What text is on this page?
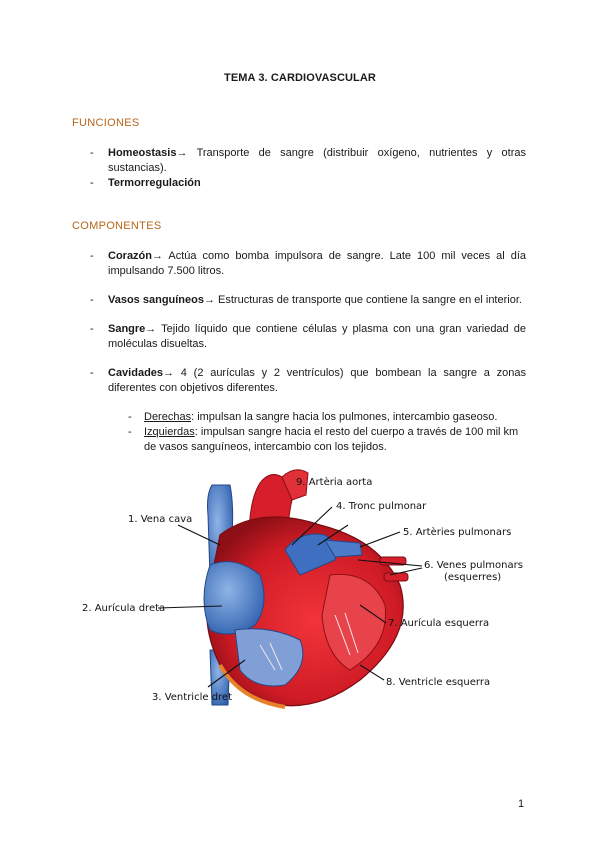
TEMA 3. CARDIOVASCULAR
FUNCIONES
- Homeostasis→ Transporte de sangre (distribuir oxígeno, nutrientes y otras sustancias).
- Termorregulación
COMPONENTES
- Corazón→ Actúa como bomba impulsora de sangre. Late 100 mil veces al día impulsando 7.500 litros.
- Vasos sanguíneos→ Estructuras de transporte que contiene la sangre en el interior.
- Sangre→ Tejido líquido que contiene células y plasma con una gran variedad de moléculas disueltas.
- Cavidades→ 4 (2 aurículas y 2 ventrículos) que bombean la sangre a zonas diferentes con objetivos diferentes.
- Derechas: impulsan la sangre hacia los pulmones, intercambio gaseoso.
- Izquierdas: impulsan sangre hacia el resto del cuerpo a través de 100 mil km de vasos sanguíneos, intercambio con los tejidos.
1. Vena cava
2. Aurícula dreta
3. Ventricle dret
4. Tronc pulmonar
5. Artèries pulmonars
6. Venes pulmonars
(esquerres)
7. Aurícula esquerra
8. Ventricle esquerra
9. Artèria aorta
1
